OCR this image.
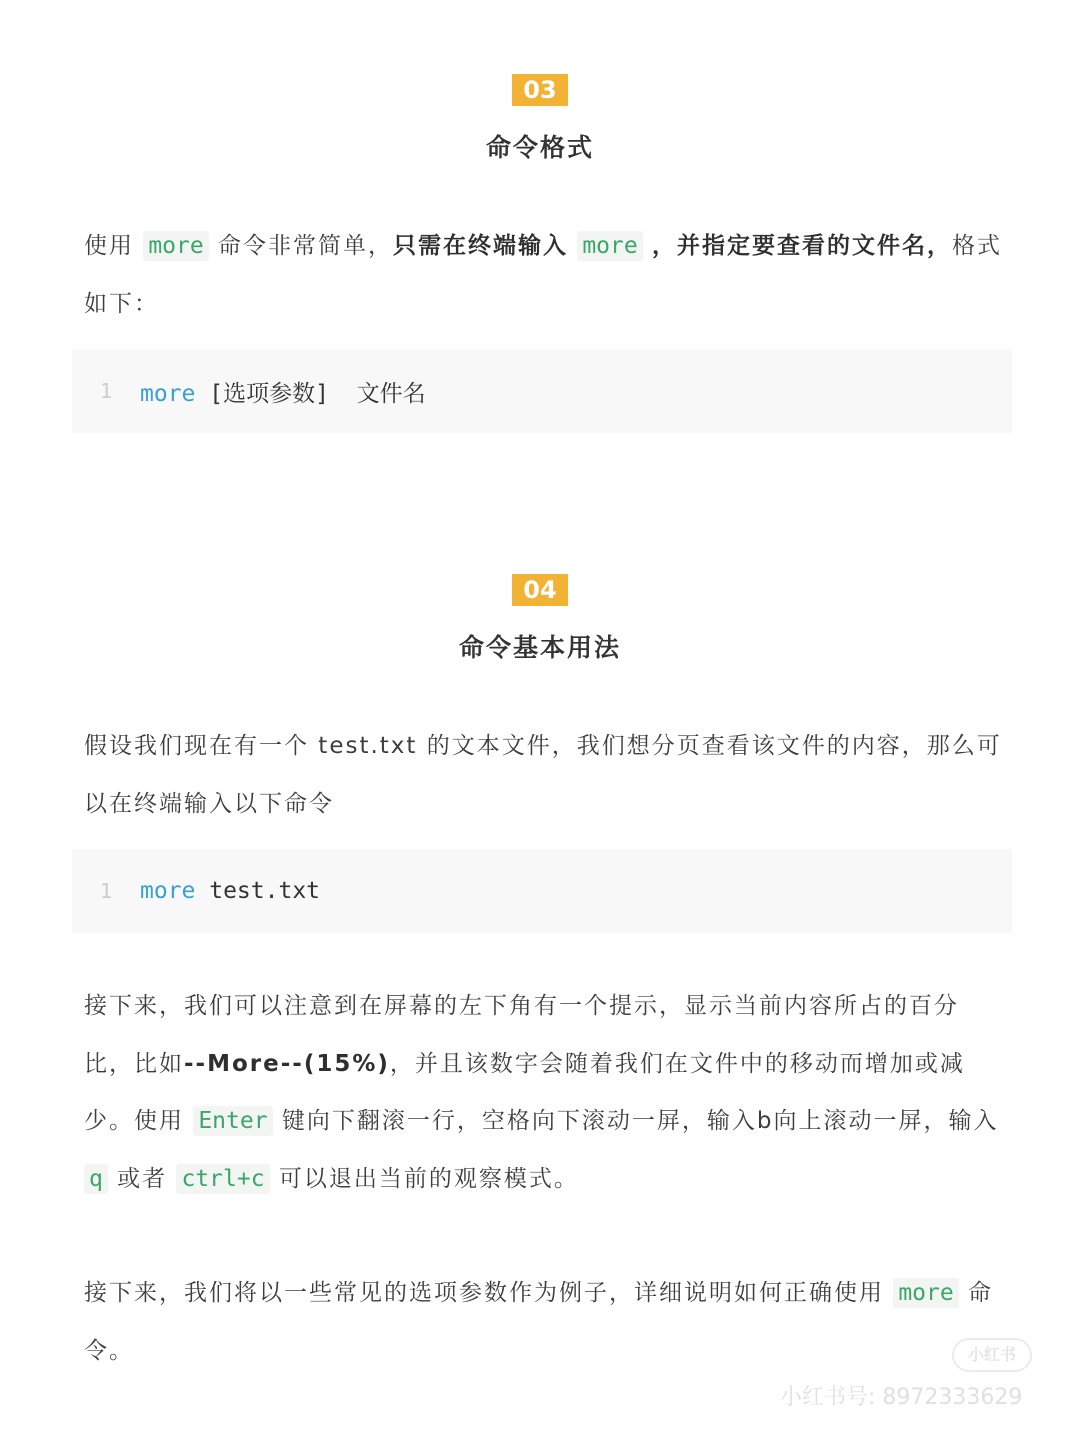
03
命令格式
使用 more 命令非常简单，只需在终端输入 more ，并指定要查看的文件名，格式如下：
1	more [选项参数]  文件名
04
命令基本用法
假设我们现在有一个 test.txt 的文本文件，我们想分页查看该文件的内容，那么可以在终端输入以下命令
1	more test.txt
接下来，我们可以注意到在屏幕的左下角有一个提示，显示当前内容所占的百分比，比如--More--(15%)，并且该数字会随着我们在文件中的移动而增加或减少。使用 Enter 键向下翻滚一行，空格向下滚动一屏，输入b向上滚动一屏，输入 q 或者 ctrl+c 可以退出当前的观察模式。
接下来，我们将以一些常见的选项参数作为例子，详细说明如何正确使用 more 命令。	小红书
小红书号: 8972333629
